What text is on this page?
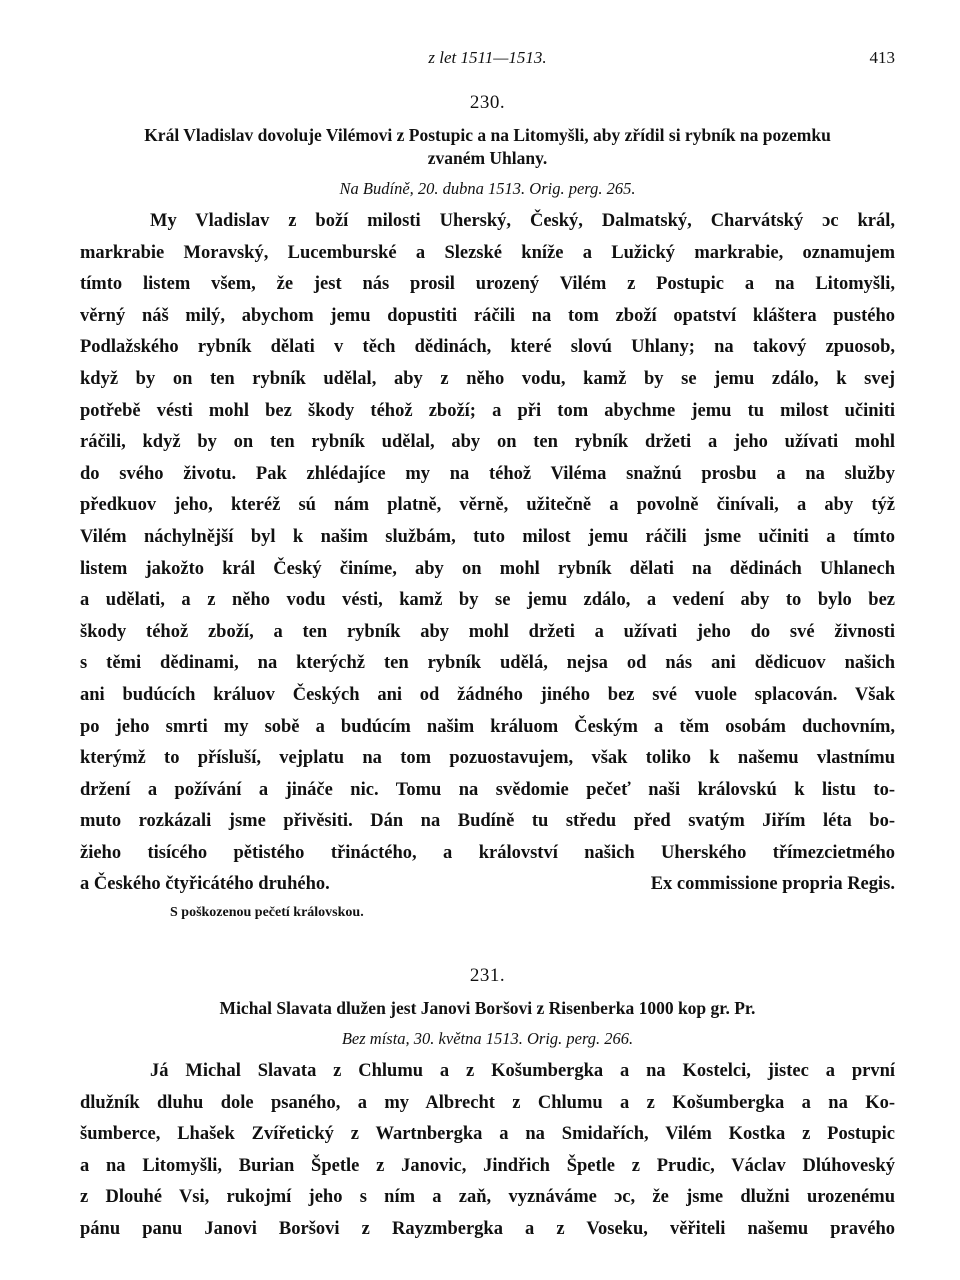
z let 1511—1513.	413
230.
Král Vladislav dovoluje Vilémovi z Postupic a na Litomyšli, aby zřídil si rybník na pozemku
zvaném Uhlany.
Na Budíně, 20. dubna 1513. Orig. perg. 265.
My Vladislav z boží milosti Uherský, Český, Dalmatský, Charvátský ɔc král,
markrabie Moravský, Lucemburské a Slezské kníže a Lužický markrabie, oznamujem
tímto listem všem, že jest nás prosil urozený Vilém z Postupic a na Litomyšli,
věrný náš milý, abychom jemu dopustiti ráčili na tom zboží opatství kláštera pustého
Podlažského rybník dělati v těch dědinách, které slovú Uhlany; na takový zpuosob,
když by on ten rybník udělal, aby z něho vodu, kamž by se jemu zdálo, k svej
potřebě vésti mohl bez škody téhož zboží; a při tom abychme jemu tu milost učiniti
ráčili, když by on ten rybník udělal, aby on ten rybník držeti a jeho užívati mohl
do svého životu. Pak zhlédajíce my na téhož Viléma snažnú prosbu a na služby
předkuov jeho, kteréž sú nám platně, věrně, užitečně a povolně činívali, a aby týž
Vilém náchylnější byl k našim službám, tuto milost jemu ráčili jsme učiniti a tímto
listem jakožto král Český činíme, aby on mohl rybník dělati na dědinách Uhlanech
a udělati, a z něho vodu vésti, kamž by se jemu zdálo, a vedení aby to bylo bez
škody téhož zboží, a ten rybník aby mohl držeti a užívati jeho do své živnosti
s těmi dědinami, na kterýchž ten rybník udělá, nejsa od nás ani dědicuov našich
ani budúcích králuov Českých ani od žádného jiného bez své vuole splacován. Však
po jeho smrti my sobě a budúcím našim králuom Českým a těm osobám duchovním,
kterýmž to přísluší, vejplatu na tom pozuostavujem, však toliko k našemu vlastnímu
držení a požívání a jináče nic. Tomu na svědomie pečeť naši královskú k listu to-
muto rozkázali jsme přivěsiti. Dán na Budíně tu středu před svatým Jiřím léta bo-
žieho tisícého pětistého třináctého, a království našich Uherského třímezcietmého
a Českého čtyřicátého druhého.	Ex commissione propria Regis.
S poškozenou pečetí královskou.
231.
Michal Slavata dlužen jest Janovi Boršovi z Risenberka 1000 kop gr. Pr.
Bez místa, 30. května 1513. Orig. perg. 266.
Já Michal Slavata z Chlumu a z Košumbergka a na Kostelci, jistec a první
dlužník dluhu dole psaného, a my Albrecht z Chlumu a z Košumbergka a na Ko-
šumberce, Lhašek Zvířetický z Wartnbergka a na Smidařích, Vilém Kostka z Postupic
a na Litomyšli, Burian Špetle z Janovic, Jindřich Špetle z Prudic, Václav Dlúhoveský
z Dlouhé Vsi, rukojmí jeho s ním a zaň, vyznáváme ɔc, že jsme dlužni urozenému
pánu panu Janovi Boršovi z Rayzmbergka a z Voseku, věřiteli našemu pravého
